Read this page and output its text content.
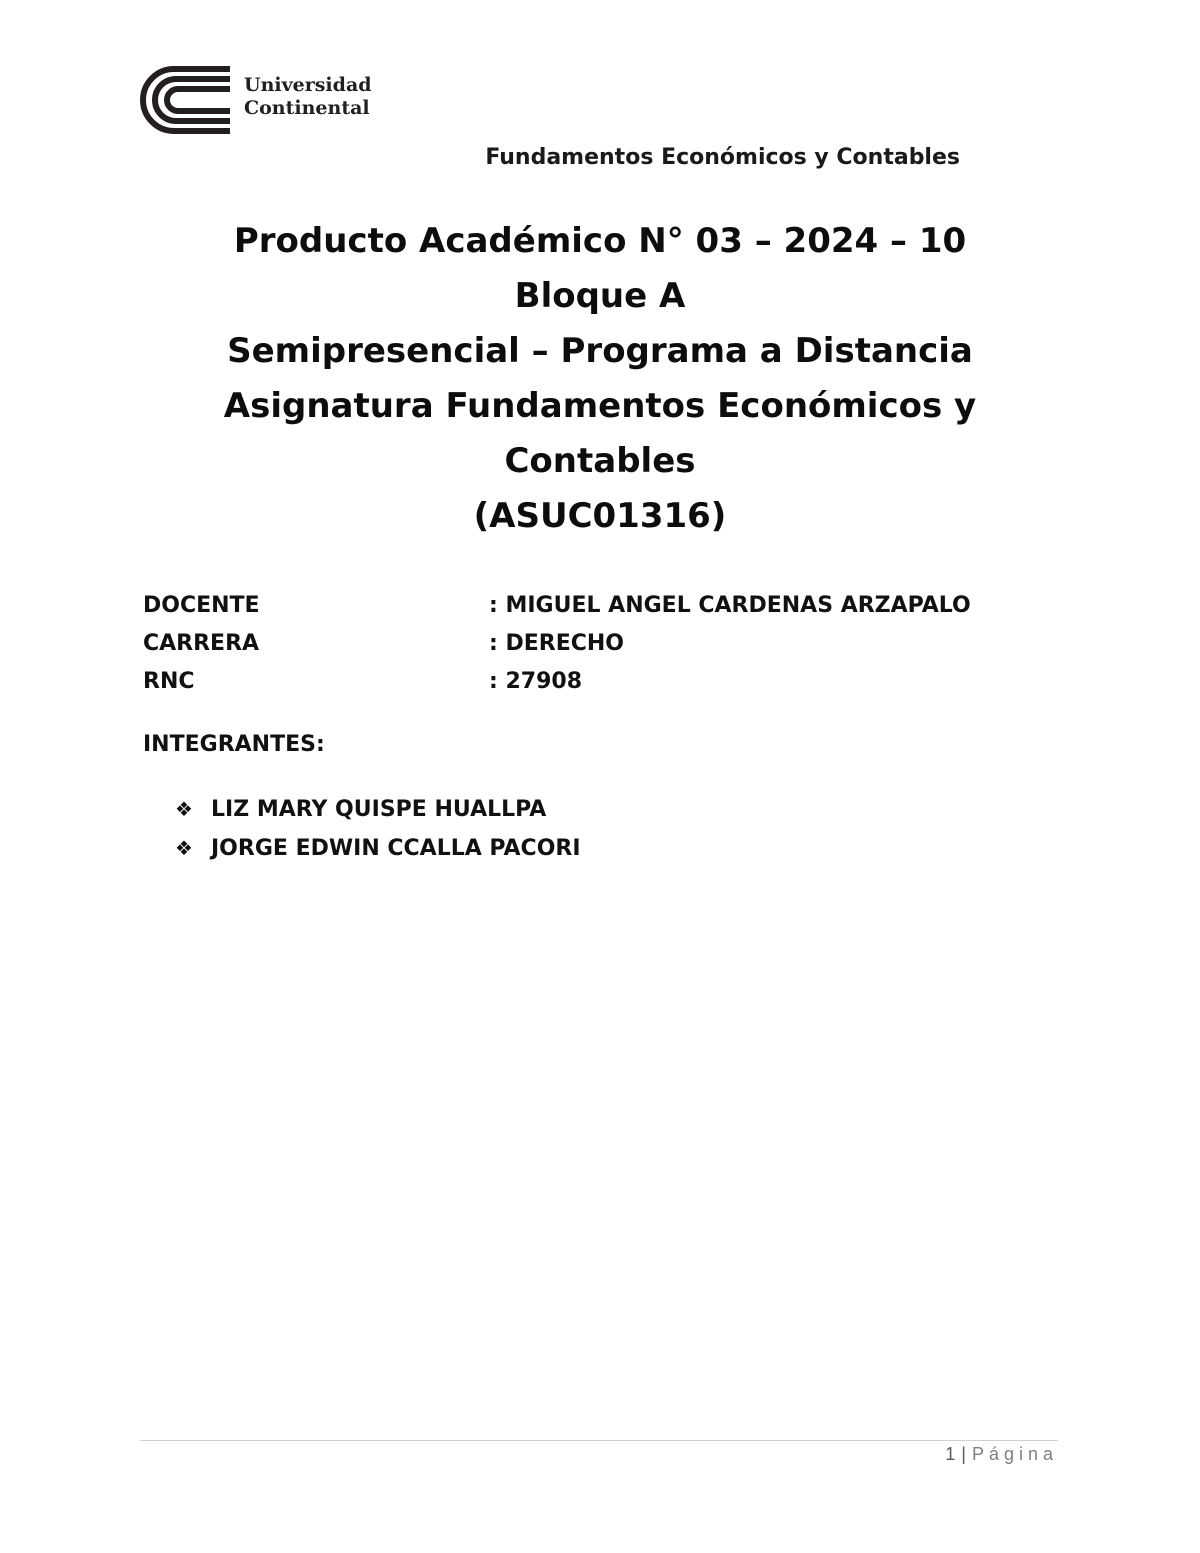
Universidad
Continental
Fundamentos Económicos y Contables
Producto Académico N° 03 – 2024 – 10
Bloque A
Semipresencial – Programa a Distancia
Asignatura Fundamentos Económicos y
Contables
(ASUC01316)
DOCENTE	: MIGUEL ANGEL CARDENAS ARZAPALO
CARRERA	: DERECHO
RNC	: 27908
INTEGRANTES:
❖ LIZ MARY QUISPE HUALLPA
❖ JORGE EDWIN CCALLA PACORI
1 | Página
